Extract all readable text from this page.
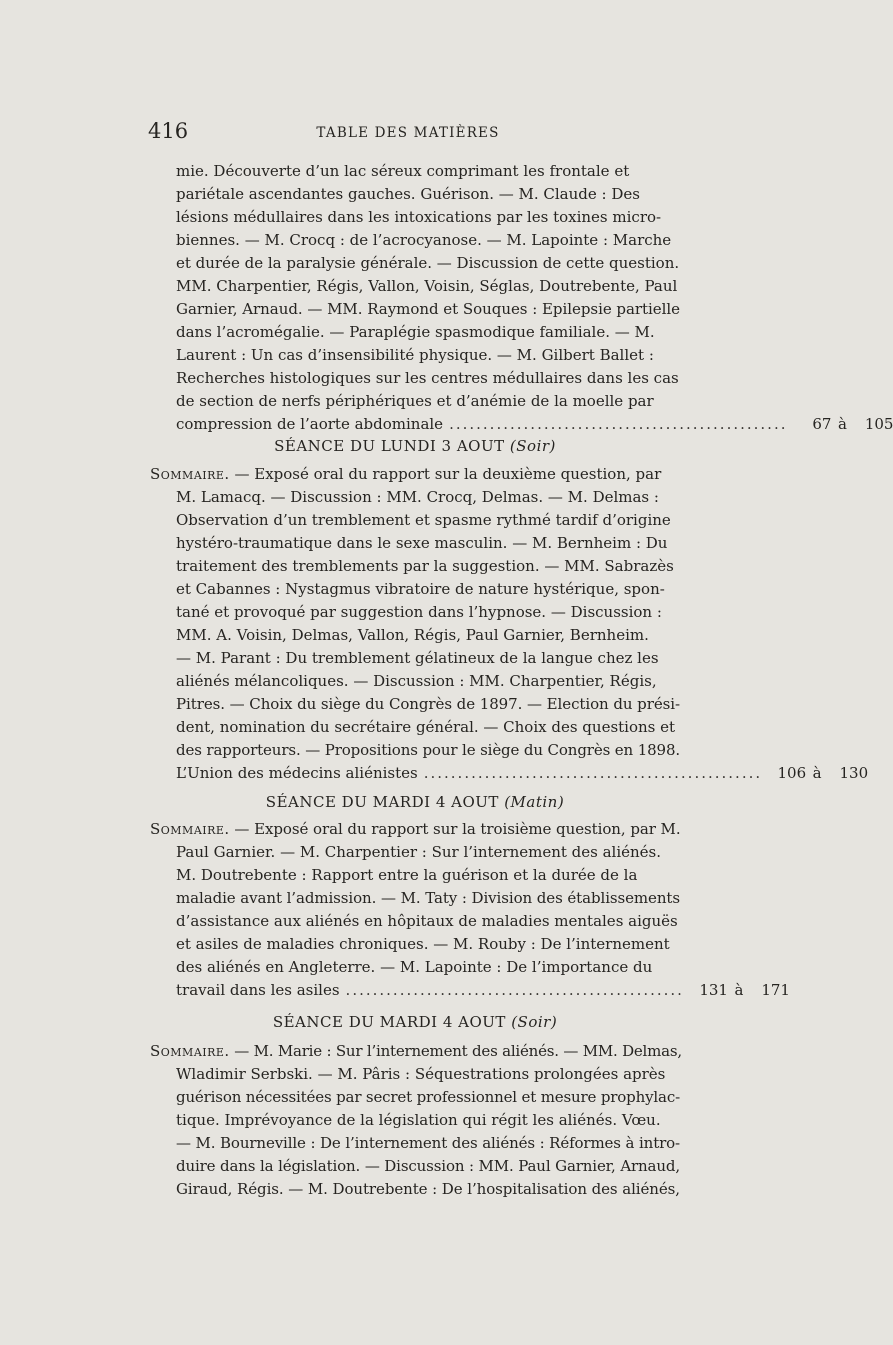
416	TABLE DES MATIÈRES
mie. Découverte d’un lac séreux comprimant les frontale et
pariétale ascendantes gauches. Guérison. — M. Claude : Des
lésions médullaires dans les intoxications par les toxines micro-
biennes. — M. Crocq : de l’acrocyanose. — M. Lapointe : Marche
et durée de la paralysie générale. — Discussion de cette question.
MM. Charpentier, Régis, Vallon, Voisin, Séglas, Doutrebente, Paul
Garnier, Arnaud. — MM. Raymond et Souques : Epilepsie partielle
dans l’acromégalie. — Paraplégie spasmodique familiale. — M.
Laurent : Un cas d’insensibilité physique. — M. Gilbert Ballet :
Recherches histologiques sur les centres médullaires dans les cas
de section de nerfs périphériques et d’anémie de la moelle par
compression de l’aorte abdominale ..................................................	67 à 105
SÉANCE DU LUNDI 3 AOUT (Soir)
Sommaire. — Exposé oral du rapport sur la deuxième question, par
M. Lamacq. — Discussion : MM. Crocq, Delmas. — M. Delmas :
Observation d’un tremblement et spasme rythmé tardif d’origine
hystéro-traumatique dans le sexe masculin. — M. Bernheim : Du
traitement des tremblements par la suggestion. — MM. Sabrazès
et Cabannes : Nystagmus vibratoire de nature hystérique, spon-
tané et provoqué par suggestion dans l’hypnose. — Discussion :
MM. A. Voisin, Delmas, Vallon, Régis, Paul Garnier, Bernheim.
— M. Parant : Du tremblement gélatineux de la langue chez les
aliénés mélancoliques. — Discussion : MM. Charpentier, Régis,
Pitres. — Choix du siège du Congrès de 1897. — Election du prési-
dent, nomination du secrétaire général. — Choix des questions et
des rapporteurs. — Propositions pour le siège du Congrès en 1898.
L’Union des médecins aliénistes ..................................................	106 à 130
SÉANCE DU MARDI 4 AOUT (Matin)
Sommaire. — Exposé oral du rapport sur la troisième question, par M.
Paul Garnier. — M. Charpentier : Sur l’internement des aliénés.
M. Doutrebente : Rapport entre la guérison et la durée de la
maladie avant l’admission. — M. Taty : Division des établissements
d’assistance aux aliénés en hôpitaux de maladies mentales aiguës
et asiles de maladies chroniques. — M. Rouby : De l’internement
des aliénés en Angleterre. — M. Lapointe : De l’importance du
travail dans les asiles ..................................................	131 à 171
SÉANCE DU MARDI 4 AOUT (Soir)
Sommaire. — M. Marie : Sur l’internement des aliénés. — MM. Delmas,
Wladimir Serbski. — M. Pâris : Séquestrations prolongées après
guérison nécessitées par secret professionnel et mesure prophylac-
tique. Imprévoyance de la législation qui régit les aliénés. Vœu.
— M. Bourneville : De l’internement des aliénés : Réformes à intro-
duire dans la législation. — Discussion : MM. Paul Garnier, Arnaud,
Giraud, Régis. — M. Doutrebente : De l’hospitalisation des aliénés,
